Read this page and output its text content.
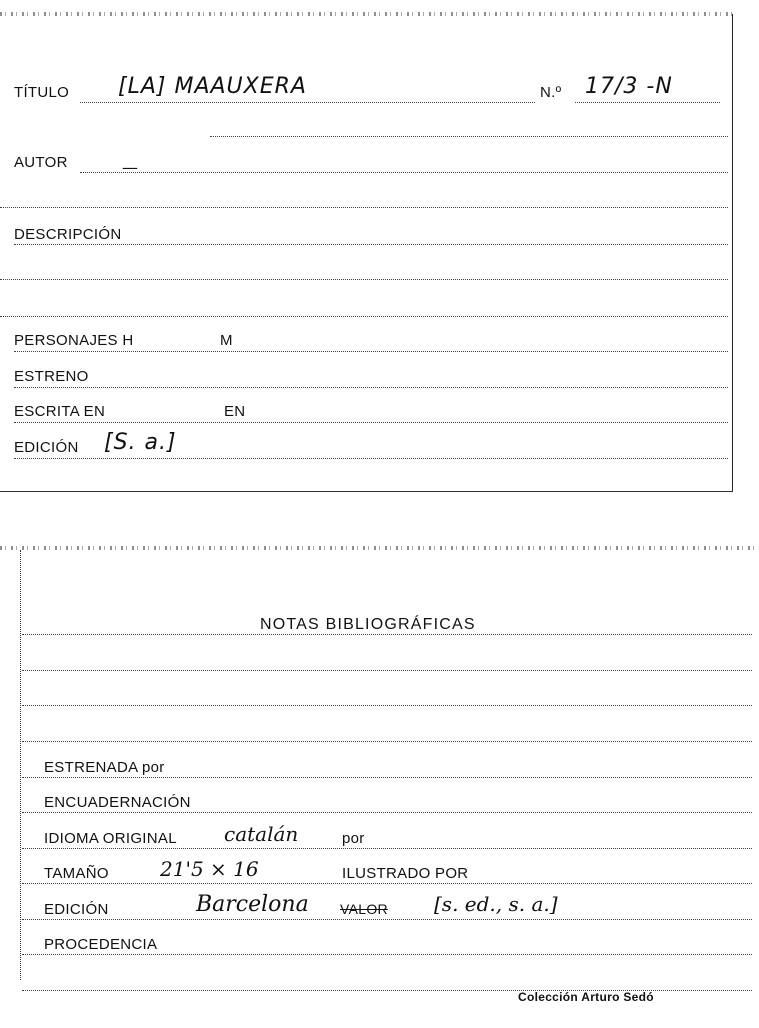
TÍTULO [LA] MAAUXERA	N.º 17/3 -N
AUTOR	—
DESCRIPCIÓN
PERSONAJES H	M
ESTRENO
ESCRITA EN	EN
EDICIÓN [S. a.]
NOTAS BIBLIOGRÁFICAS
ESTRENADA por
ENCUADERNACIÓN
IDIOMA ORIGINAL catalán	por
TAMAÑO	21'5 × 16	ILUSTRADO POR
EDICIÓN	Barcelona VALOR [s. ed., s. a.]
PROCEDENCIA
Colección Arturo Sedó
